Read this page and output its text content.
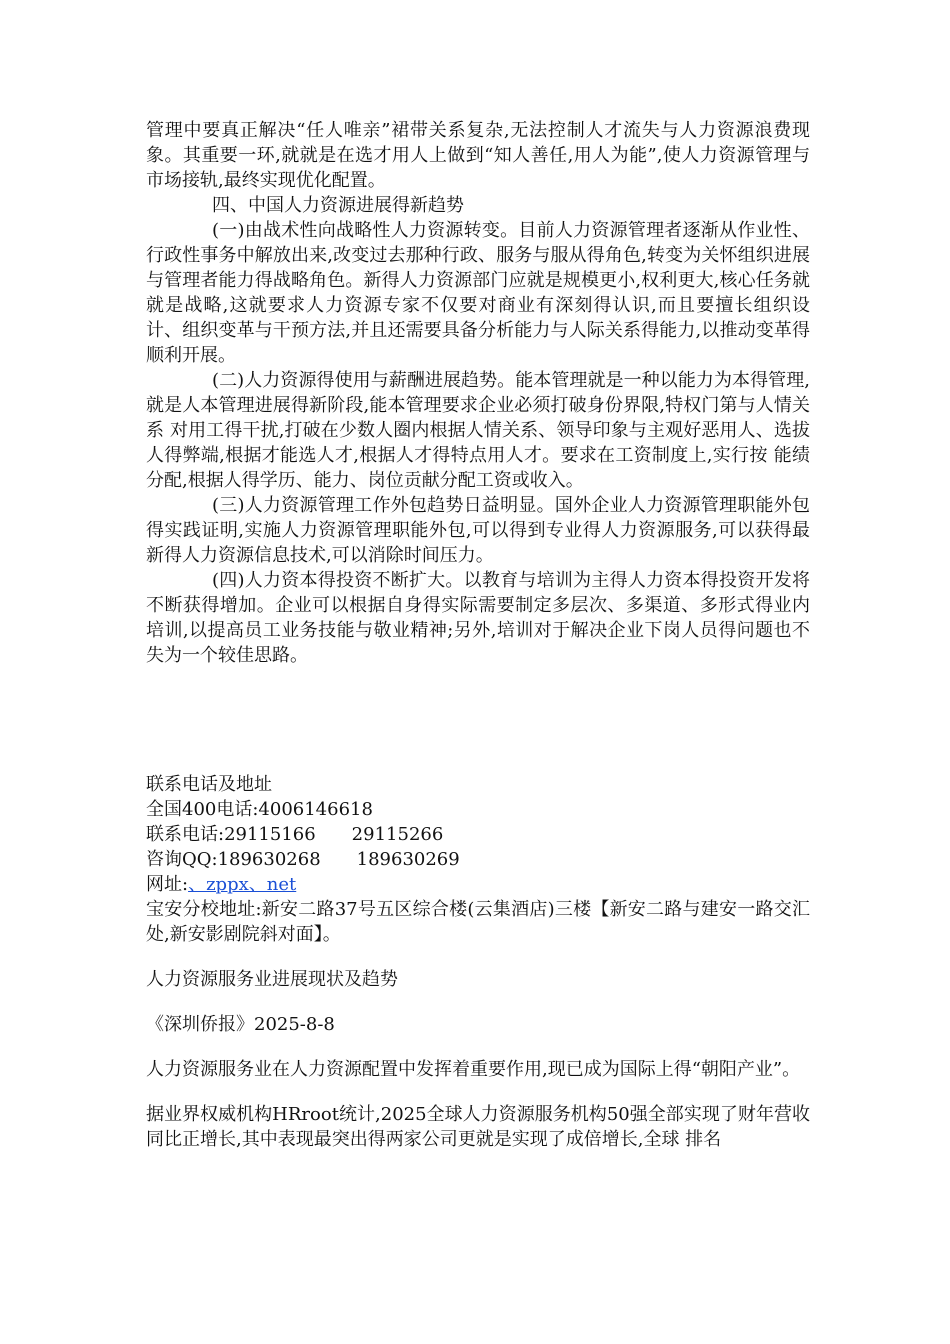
管理中要真正解决“任人唯亲”裙带关系复杂,无法控制人才流失与人力资源浪费现象。其重要一环,就就是在选才用人上做到“知人善任,用人为能”,使人力资源管理与市场接轨,最终实现优化配置。

四、中国人力资源进展得新趋势

(一)由战术性向战略性人力资源转变。目前人力资源管理者逐渐从作业性、行政性事务中解放出来,改变过去那种行政、服务与服从得角色,转变为关怀组织进展 与管理者能力得战略角色。新得人力资源部门应就是规模更小,权利更大,核心任务就就是战略,这就要求人力资源专家不仅要对商业有深刻得认识,而且要擅长组织设 计、组织变革与干预方法,并且还需要具备分析能力与人际关系得能力,以推动变革得顺利开展。

(二)人力资源得使用与薪酬进展趋势。能本管理就是一种以能力为本得管理,就是人本管理进展得新阶段,能本管理要求企业必须打破身份界限,特权门第与人情关系 对用工得干扰,打破在少数人圈内根据人情关系、领导印象与主观好恶用人、选拔人得弊端,根据才能选人才,根据人才得特点用人才。要求在工资制度上,实行按 能绩分配,根据人得学历、能力、岗位贡献分配工资或收入。

(三)人力资源管理工作外包趋势日益明显。国外企业人力资源管理职能外包得实践证明,实施人力资源管理职能外包,可以得到专业得人力资源服务,可以获得最新得人力资源信息技术,可以消除时间压力。

(四)人力资本得投资不断扩大。以教育与培训为主得人力资本得投资开发将不断获得增加。企业可以根据自身得实际需要制定多层次、多渠道、多形式得业内培训,以提高员工业务技能与敬业精神;另外,培训对于解决企业下岗人员得问题也不失为一个较佳思路。

联系电话及地址

全国400电话:4006146618

联系电话:29115166　　29115266

咨询QQ:189630268　　189630269

网址:、zppx、net

宝安分校地址:新安二路37号五区综合楼(云集酒店)三楼【新安二路与建安一路交汇处,新安影剧院斜对面】。

人力资源服务业进展现状及趋势

《深圳侨报》2025-8-8

人力资源服务业在人力资源配置中发挥着重要作用,现已成为国际上得“朝阳产业”。

据业界权威机构HRroot统计,2025全球人力资源服务机构50强全部实现了财年营收同比正增长,其中表现最突出得两家公司更就是实现了成倍增长,全球 排名
